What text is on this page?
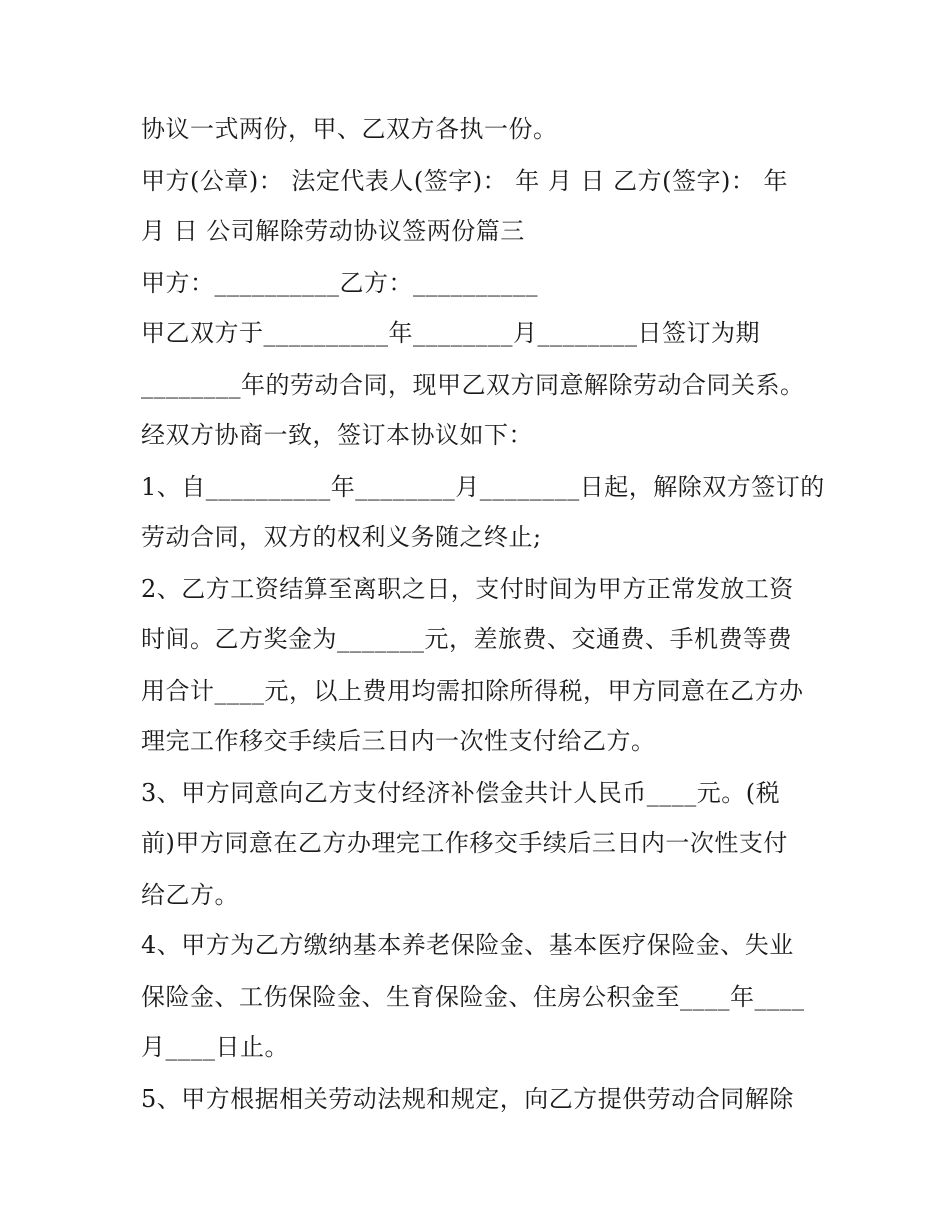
协议一式两份，甲、乙双方各执一份。
甲方(公章)： 法定代表人(签字)： 年 月 日 乙方(签字)： 年
月 日 公司解除劳动协议签两份篇三
甲方：__________乙方：__________
甲乙双方于__________年________月________日签订为期
________年的劳动合同，现甲乙双方同意解除劳动合同关系。
经双方协商一致，签订本协议如下：
1、自__________年________月________日起，解除双方签订的
劳动合同，双方的权利义务随之终止;
2、乙方工资结算至离职之日，支付时间为甲方正常发放工资
时间。乙方奖金为_______元，差旅费、交通费、手机费等费
用合计____元，以上费用均需扣除所得税，甲方同意在乙方办
理完工作移交手续后三日内一次性支付给乙方。
3、甲方同意向乙方支付经济补偿金共计人民币____元。(税
前)甲方同意在乙方办理完工作移交手续后三日内一次性支付
给乙方。
4、甲方为乙方缴纳基本养老保险金、基本医疗保险金、失业
保险金、工伤保险金、生育保险金、住房公积金至____年____
月____日止。
5、甲方根据相关劳动法规和规定，向乙方提供劳动合同解除
